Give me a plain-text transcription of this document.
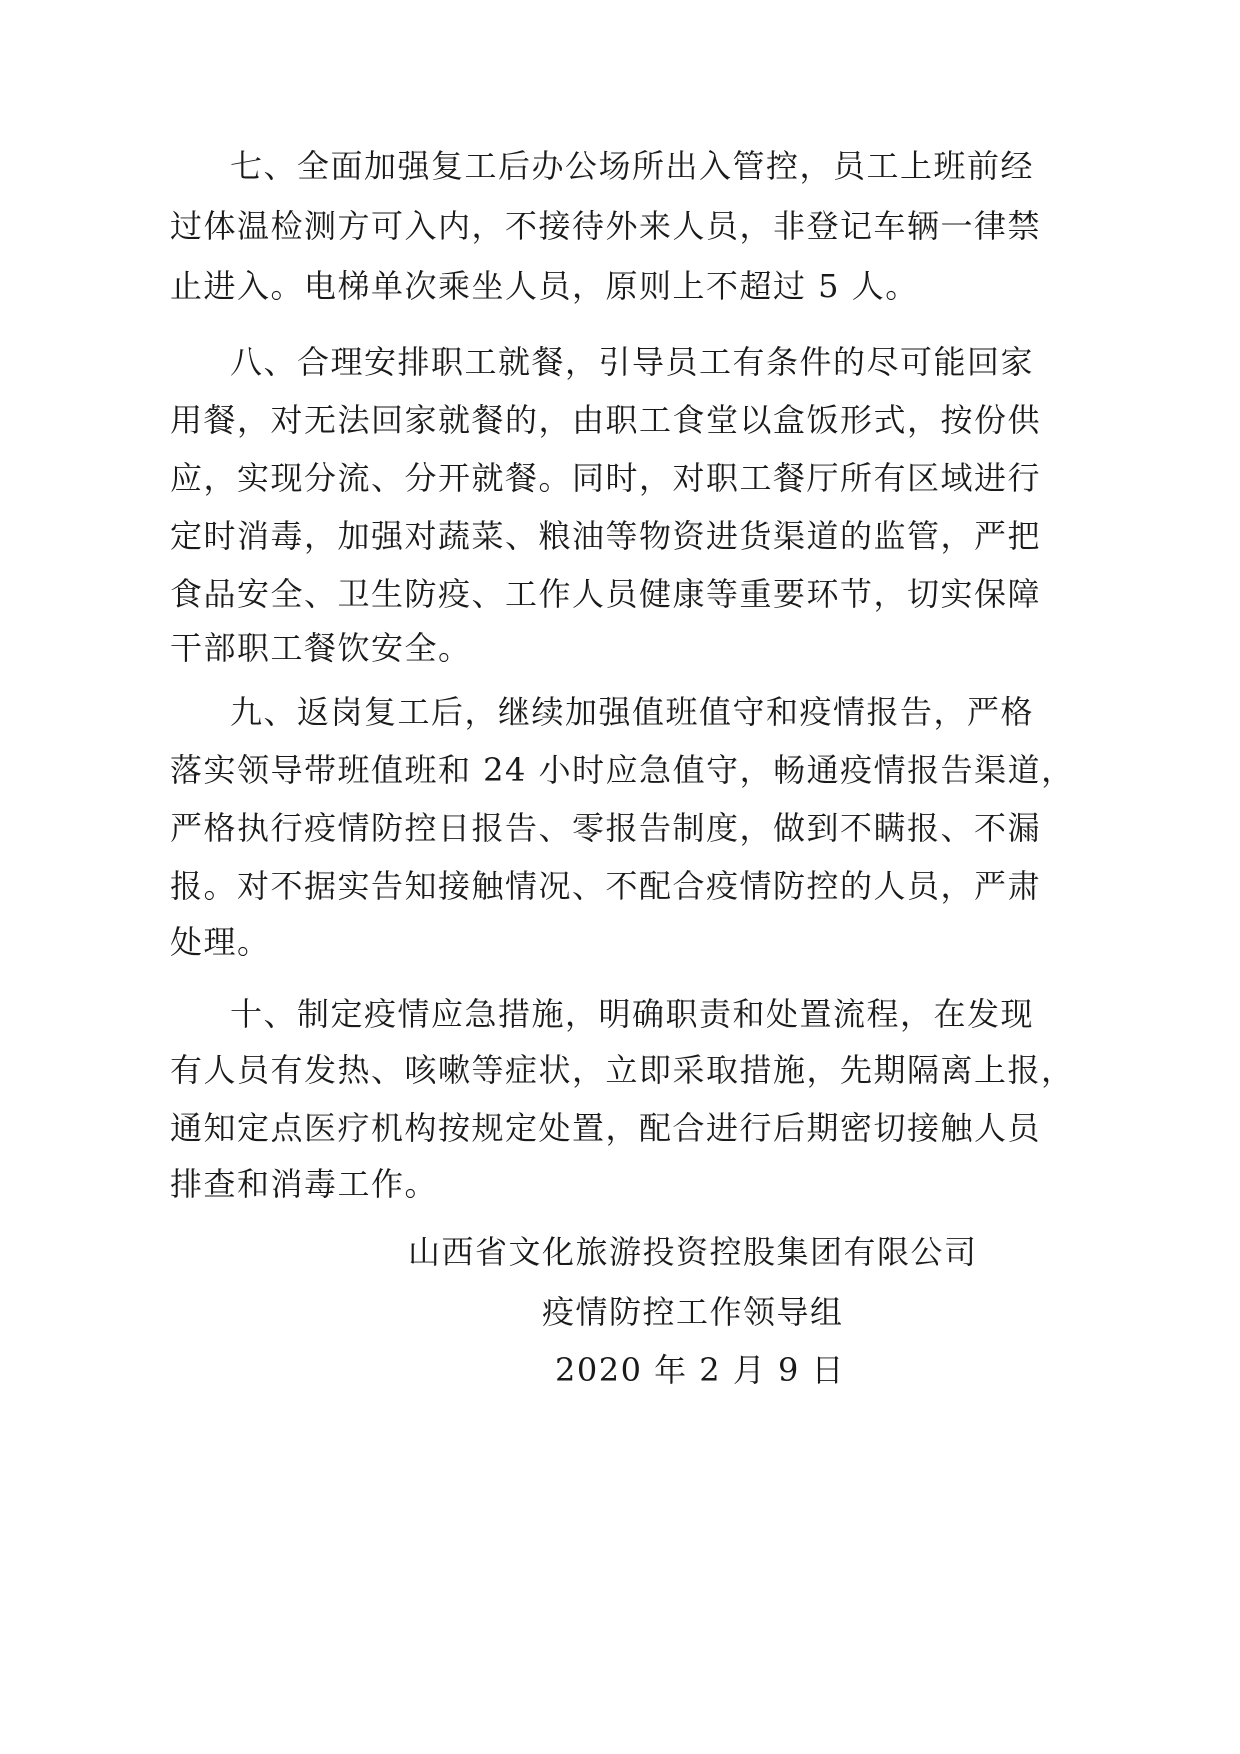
七、全面加强复工后办公场所出入管控，员工上班前经
过体温检测方可入内，不接待外来人员，非登记车辆一律禁
止进入。电梯单次乘坐人员，原则上不超过 5 人。
八、合理安排职工就餐，引导员工有条件的尽可能回家
用餐，对无法回家就餐的，由职工食堂以盒饭形式，按份供
应，实现分流、分开就餐。同时，对职工餐厅所有区域进行
定时消毒，加强对蔬菜、粮油等物资进货渠道的监管，严把
食品安全、卫生防疫、工作人员健康等重要环节，切实保障
干部职工餐饮安全。
九、返岗复工后，继续加强值班值守和疫情报告，严格
落实领导带班值班和 24 小时应急值守，畅通疫情报告渠道，
严格执行疫情防控日报告、零报告制度，做到不瞒报、不漏
报。对不据实告知接触情况、不配合疫情防控的人员，严肃
处理。
十、制定疫情应急措施，明确职责和处置流程，在发现
有人员有发热、咳嗽等症状，立即采取措施，先期隔离上报，
通知定点医疗机构按规定处置，配合进行后期密切接触人员
排查和消毒工作。
山西省文化旅游投资控股集团有限公司
疫情防控工作领导组
2020 年 2 月 9 日
